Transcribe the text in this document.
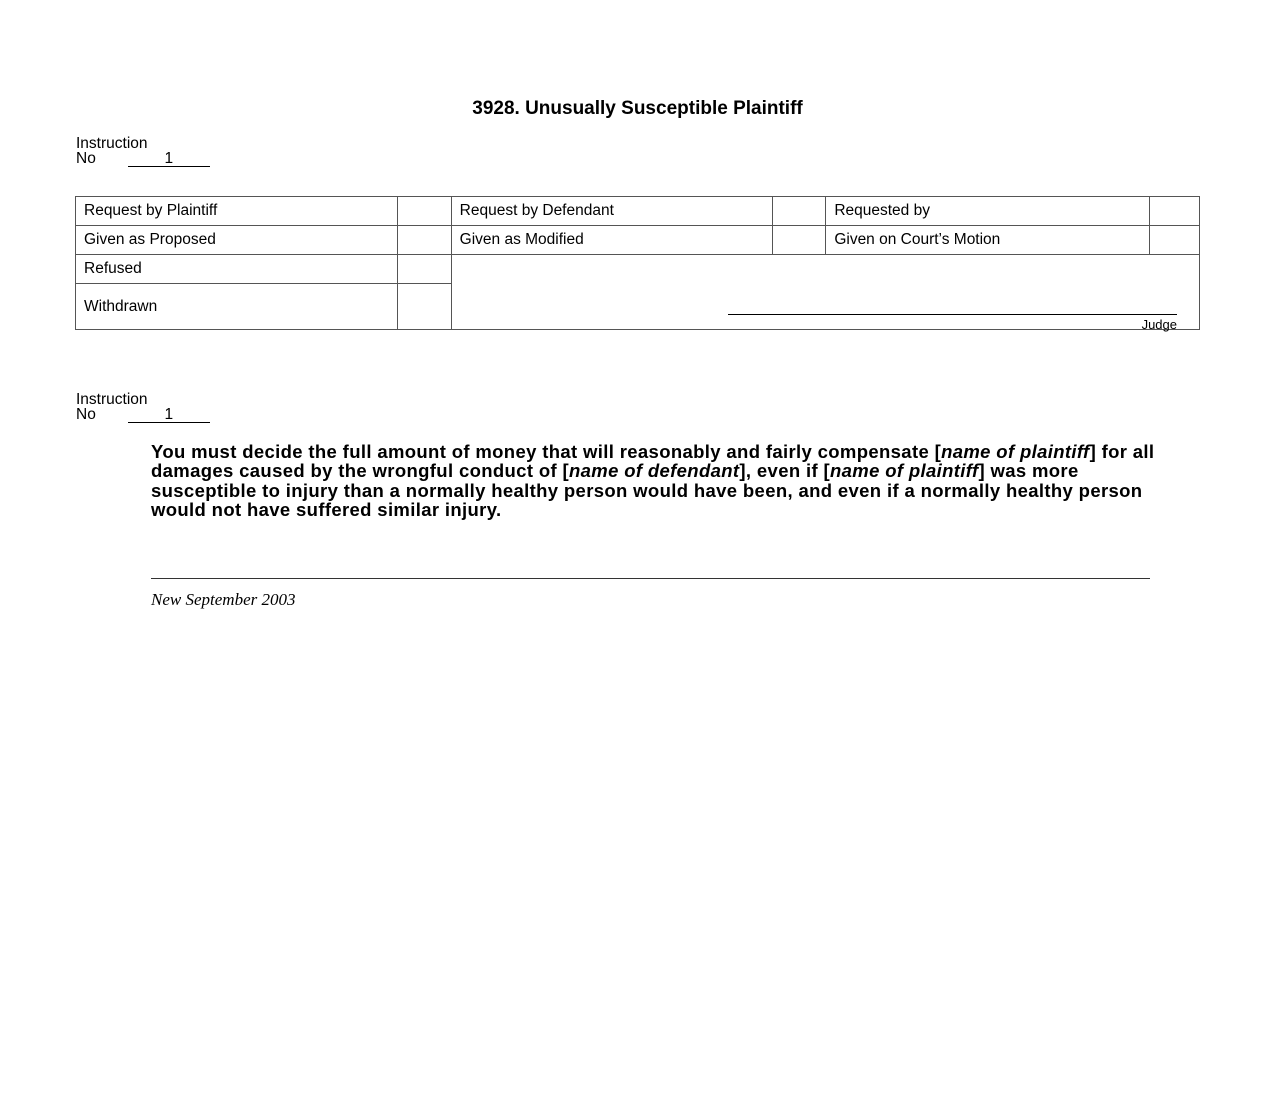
3928. Unusually Susceptible Plaintiff
Instruction
No	1
Request by Plaintiff		Request by Defendant		Requested by	
Given as Proposed		Given as Modified		Given on Court’s Motion	
Refused		Judge			

Withdrawn					
Instruction
No	1
You must decide the full amount of money that will reasonably and fairly compensate [name of plaintiff] for all damages caused by the wrongful conduct of [name of defendant], even if [name of plaintiff] was more susceptible to injury than a normally healthy person would have been, and even if a normally healthy person would not have suffered similar injury.
New September 2003
